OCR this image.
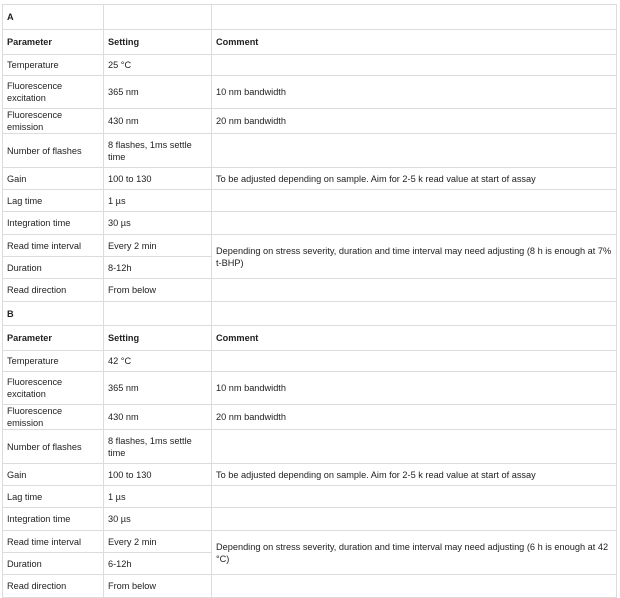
A		
Parameter	Setting	Comment
Temperature	25 °C	
Fluorescence excitation	365 nm	10 nm bandwidth
Fluorescence emission	430 nm	20 nm bandwidth
Number of flashes	8 flashes, 1ms settle time	
Gain	100 to 130	To be adjusted depending on sample. Aim for 2-5 k read value at start of assay
Lag time	1 µs	
Integration time	30 µs	
Read time interval	Every 2 min	Depending on stress severity, duration and time interval may need adjusting (8 h is enough at 7% t-BHP)
Duration	8-12h	
Read direction	From below	
B		
Parameter	Setting	Comment
Temperature	42 °C	
Fluorescence excitation	365 nm	10 nm bandwidth
Fluorescence emission	430 nm	20 nm bandwidth
Number of flashes	8 flashes, 1ms settle time	
Gain	100 to 130	To be adjusted depending on sample. Aim for 2-5 k read value at start of assay
Lag time	1 µs	
Integration time	30 µs	
Read time interval	Every 2 min	Depending on stress severity, duration and time interval may need adjusting (6 h is enough at 42 °C)
Duration	6-12h	
Read direction	From below	
